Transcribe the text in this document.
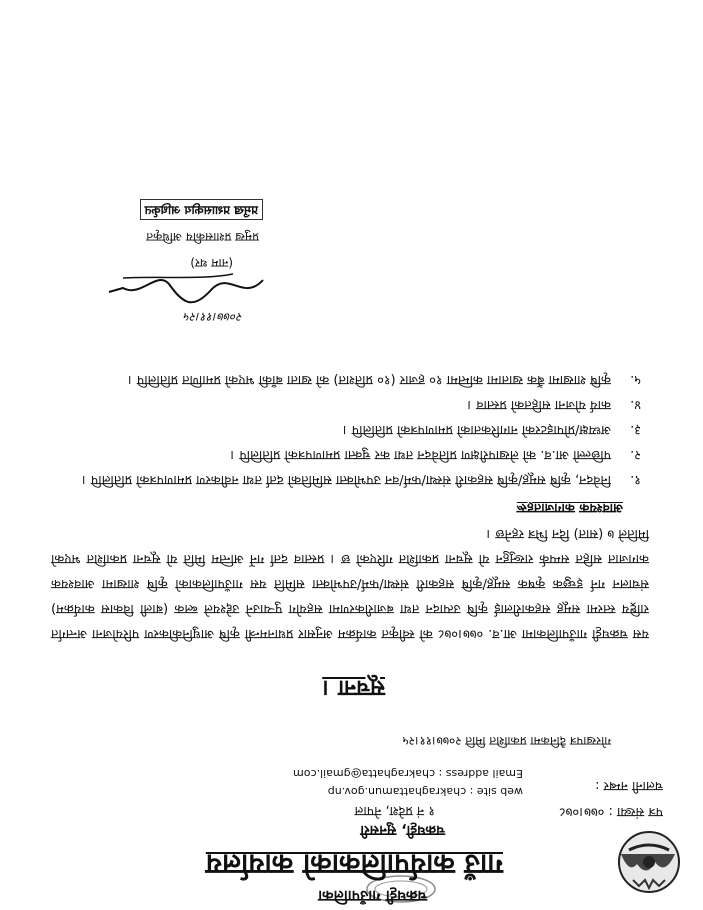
चक्रघट्टी गाउँपालिका
गाउँ कार्यपालिकाको कार्यालय
चक्रघट्टी, सुनसरी
१ नं प्रदेश, नेपाल	पत्र संख्या : ०७७।०७८
चलानी नम्बर :
web site : chakraghattamun.gov.np
Email address : chakraghatta@gmail.com
गोरखापत्र दैनिकमा प्रकाशित मिति २०७७।११।२५
सूचना ।
यस चक्रघट्टी गाउँपालिकामा आ.व. ०७७।०७८ को स्वीकृत कार्यक्रम अनुसार प्रधानमन्त्री कृषि आधुनिकीकरण परियोजना अन्तर्गत राष्ट्रिय स्तरमा समूह सहकारीलाई कृषि उत्पादन तथा बजारीकरणमा सहयोग पुर्‍याउने उद्देश्यले ब्लक (बाली विकास कार्यक्रम) संचालन गर्न इच्छुक कृषक समूह/कृषि सहकारी संस्था/फर्म/उपभोक्ता समिति यस गाउँपालिकाको कृषि शाखामा आवश्यक कागजात सहित सम्पर्क राख्नुहुन यो सूचना प्रकाशित गरिएको छ । प्रस्ताव दर्ता गर्ने अन्तिम मिति यो सूचना प्रकाशित भएको मितिले ७ (सात) दिन भित्र रहनेछ ।
आवश्यक कागजातहरू
१.
निवेदन, कृषि समूह/कृषि सहकारी संस्था/फर्म/वन उपभोक्ता समितिको दर्ता तथा नवीकरण प्रमाणपत्रको प्रतिलिपि ।
२.
पछिल्लो आ.व. को लेखापरीक्षण प्रतिवेदन तथा कर चुक्ता प्रमाणपत्रको प्रतिलिपि ।
३.
अध्यक्ष/प्रोपाइटरको नागरिकताको प्रमाणपत्रको प्रतिलिपि ।
४.
कार्य योजना सहितको प्रस्ताव ।
५.
कृषि शाखामा बैंक खातामा कम्तिमा १० हजार (१० प्रतिशत) को खाता बाँकी भएको प्रमाणित प्रतिलिपि ।
२०७७।११।२५
(नाम थर)
प्रमुख प्रशासकीय अधिकृत
प्रमुख प्रशासकीय अधिकृत
